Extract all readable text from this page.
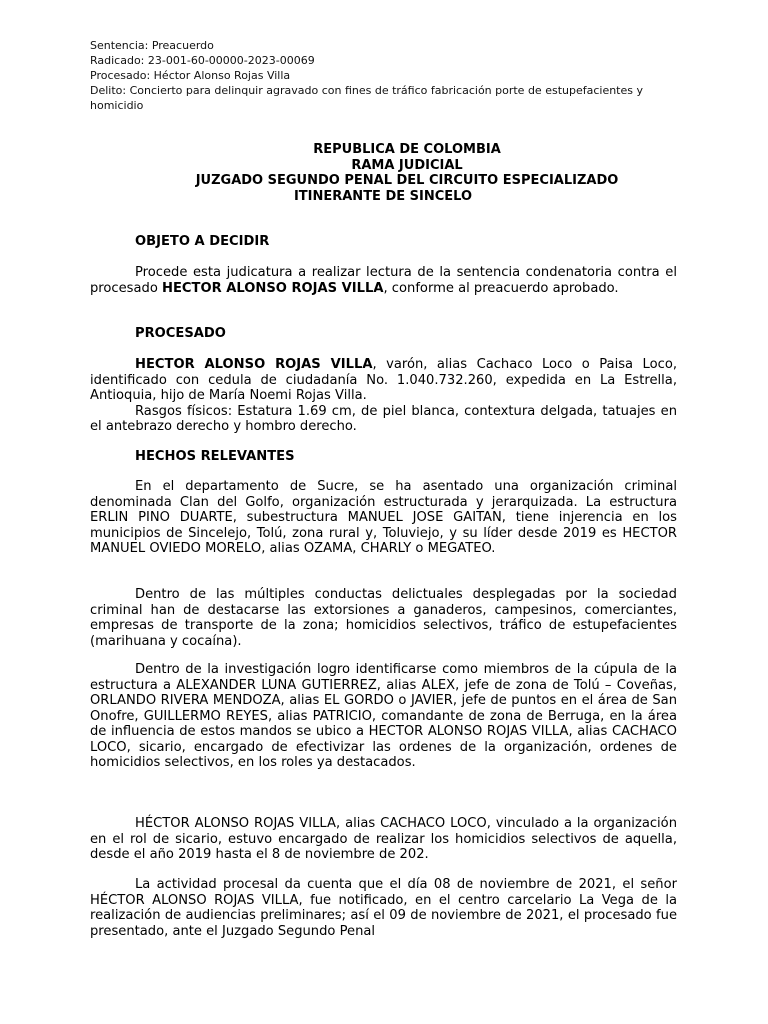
Sentencia: Preacuerdo
Radicado: 23-001-60-00000-2023-00069
Procesado: Héctor Alonso Rojas Villa
Delito: Concierto para delinquir agravado con fines de tráfico fabricación porte de estupefacientes y homicidio
REPUBLICA DE COLOMBIA
RAMA JUDICIAL
JUZGADO SEGUNDO PENAL DEL CIRCUITO ESPECIALIZADO
ITINERANTE DE SINCELO
OBJETO A DECIDIR

Procede esta judicatura a realizar lectura de la sentencia condenatoria contra el procesado HECTOR ALONSO ROJAS VILLA, conforme al preacuerdo aprobado.

PROCESADO

HECTOR ALONSO ROJAS VILLA, varón, alias Cachaco Loco o Paisa Loco, identificado con cedula de ciudadanía No. 1.040.732.260, expedida en La Estrella, Antioquia, hijo de María Noemi Rojas Villa.

Rasgos físicos: Estatura 1.69 cm, de piel blanca, contextura delgada, tatuajes en el antebrazo derecho y hombro derecho.

HECHOS RELEVANTES

En el departamento de Sucre, se ha asentado una organización criminal denominada Clan del Golfo, organización estructurada y jerarquizada. La estructura ERLIN PINO DUARTE, subestructura MANUEL JOSE GAITAN, tiene injerencia en los municipios de Sincelejo, Tolú, zona rural y, Toluviejo, y su líder desde 2019 es HECTOR MANUEL OVIEDO MORELO, alias OZAMA, CHARLY o MEGATEO.

Dentro de las múltiples conductas delictuales desplegadas por la sociedad criminal han de destacarse las extorsiones a ganaderos, campesinos, comerciantes, empresas de transporte de la zona; homicidios selectivos, tráfico de estupefacientes (marihuana y cocaína).

Dentro de la investigación logro identificarse como miembros de la cúpula de la estructura a ALEXANDER LUNA GUTIERREZ, alias ALEX, jefe de zona de Tolú – Coveñas, ORLANDO RIVERA MENDOZA, alias EL GORDO o JAVIER, jefe de puntos en el área de San Onofre, GUILLERMO REYES, alias PATRICIO, comandante de zona de Berruga, en la área de influencia de estos mandos se ubico a HECTOR ALONSO ROJAS VILLA, alias CACHACO LOCO, sicario, encargado de efectivizar las ordenes de la organización, ordenes de homicidios selectivos, en los roles ya destacados.

HÉCTOR ALONSO ROJAS VILLA, alias CACHACO LOCO, vinculado a la organización en el rol de sicario, estuvo encargado de realizar los homicidios selectivos de aquella, desde el año 2019 hasta el 8 de noviembre de 202.

La actividad procesal da cuenta que el día 08 de noviembre de 2021, el señor HÉCTOR ALONSO ROJAS VILLA, fue notificado, en el centro carcelario La Vega de la realización de audiencias preliminares; así el 09 de noviembre de 2021, el procesado fue presentado, ante el Juzgado Segundo Penal
